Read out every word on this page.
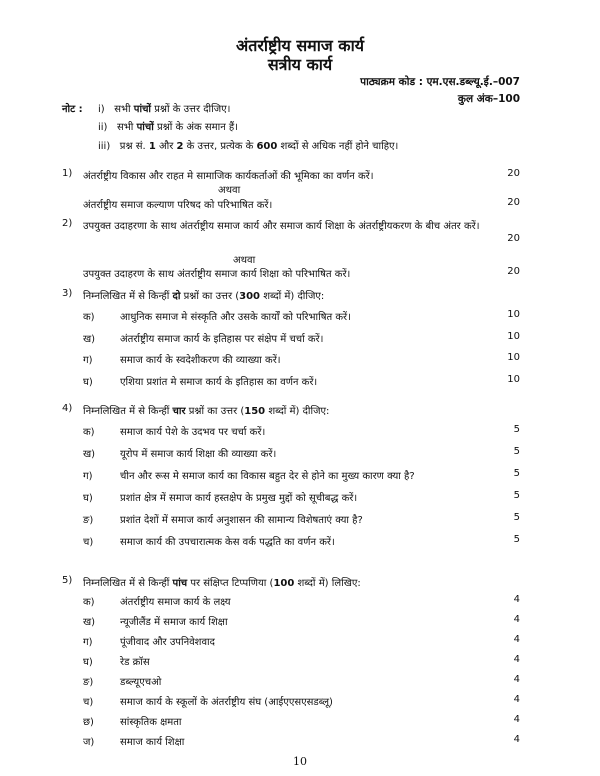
अंतर्राष्ट्रीय समाज कार्य
सत्रीय कार्य
पाठ्यक्रम कोड : एम.एस.डब्ल्यू.ई.–007
कुल अंक–100
नोट : i) सभी पांचों प्रश्नों के उत्तर दीजिए।
ii) सभी पांचों प्रश्नों के अंक समान हैं।
iii) प्रश्न सं. 1 और 2 के उत्तर, प्रत्येक के 600 शब्दों से अधिक नहीं होने चाहिए।
1) अंतर्राष्ट्रीय विकास और राहत मे सामाजिक कार्यकर्ताओं की भूमिका का वर्णन करें।	20
अथवा
अंतर्राष्ट्रीय समाज कल्याण परिषद को परिभाषित करें।	20
2) उपयुक्त उदाहरणा के साथ अंतर्राष्ट्रीय समाज कार्य और समाज कार्य शिक्षा के अंतर्राष्ट्रीयकरण के बीच अंतर करें।
20
अथवा
उपयुक्त उदाहरण के साथ अंतर्राष्ट्रीय समाज कार्य शिक्षा को परिभाषित करें।	20
3) निम्नलिखित में से किन्हीं दो प्रश्नों का उत्तर (300 शब्दों में) दीजिए:
क)	आधुनिक समाज मे संस्कृति और उसके कार्यों को परिभाषित करें।	10
ख) अंतर्राष्ट्रीय समाज कार्य के इतिहास पर संक्षेप में चर्चा करें।	10
ग)	समाज कार्य के स्वदेशीकरण की व्याख्या करें।	10
घ)	एशिया प्रशांत मे समाज कार्य के इतिहास का वर्णन करें।	10
4) निम्नलिखित में से किन्हीं चार प्रश्नों का उत्तर (150 शब्दों में) दीजिए:
क)	समाज कार्य पेशे के उदभव पर चर्चा करें।	5
ख) यूरोप में समाज कार्य शिक्षा की व्याख्या करें।	5
ग)	चीन और रूस मे समाज कार्य का विकास बहुत देर से होने का मुख्य कारण क्या है?	5
घ)	प्रशांत क्षेत्र में समाज कार्य हस्तक्षेप के प्रमुख मुद्दों को सूचीबद्ध करें।	5
ङ)	प्रशांत देशों में समाज कार्य अनुशासन की सामान्य विशेषताएं क्या है?	5
च)	समाज कार्य की उपचारात्मक केस वर्क पद्धति का वर्णन करें।	5
5) निम्नलिखित में से किन्हीं पांच पर संक्षिप्त टिप्पणिया (100 शब्दों में) लिखिए:
क)	अंतर्राष्ट्रीय समाज कार्य के लक्ष्य	4
ख) न्यूजीलैंड में समाज कार्य शिक्षा	4
ग)	पूंजीवाद और उपनिवेशवाद	4
घ)	रेड क्रॉस	4
ङ)	डब्ल्यूएचओ	4
च)	समाज कार्य के स्कूलों के अंतर्राष्ट्रीय संघ (आईएएसएसडब्लू)	4
छ)	सांस्कृतिक क्षमता	4
ज)	समाज कार्य शिक्षा	4
10
